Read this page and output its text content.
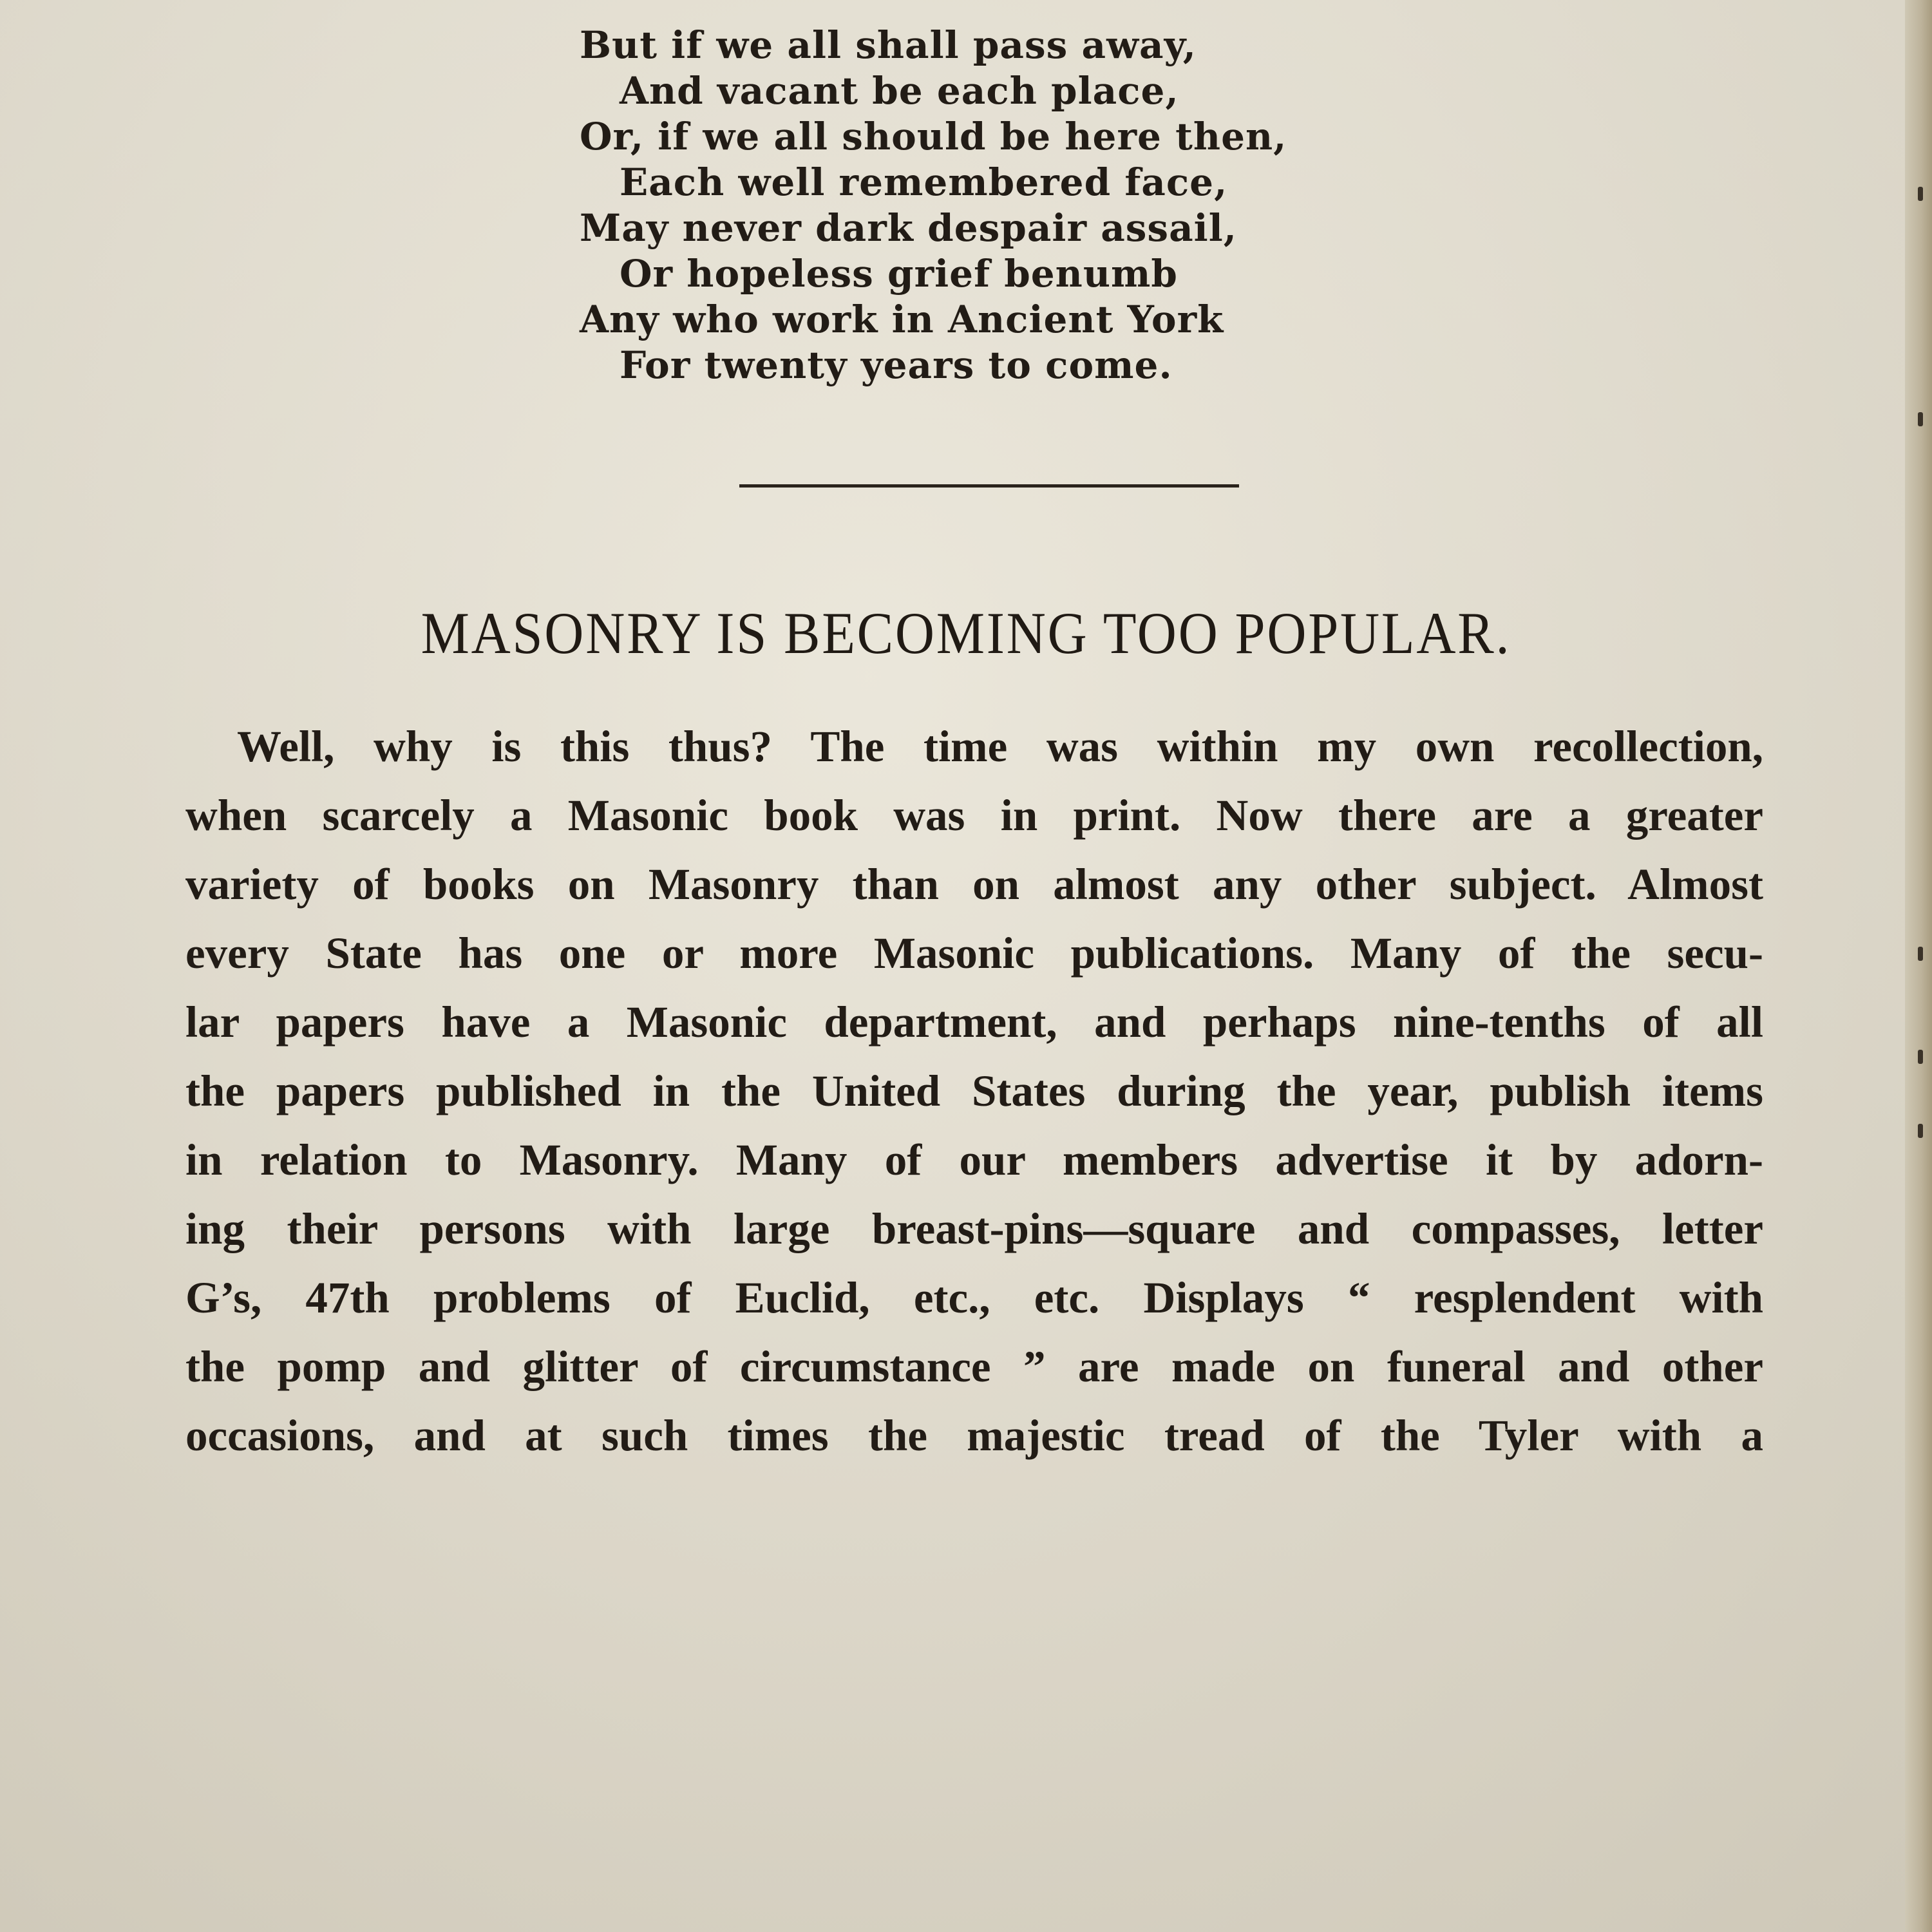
But if we all shall pass away,
And vacant be each place,
Or, if we all should be here then,
Each well remembered face,
May never dark despair assail,
Or hopeless grief benumb
Any who work in Ancient York
For twenty years to come.
MASONRY IS BECOMING TOO POPULAR.
Well, why is this thus? The time was within my own recollection,
when scarcely a Masonic book was in print. Now there are a greater
variety of books on Masonry than on almost any other subject. Almost
every State has one or more Masonic publications. Many of the secu-
lar papers have a Masonic department, and perhaps nine-tenths of all
the papers published in the United States during the year, publish items
in relation to Masonry. Many of our members advertise it by adorn-
ing their persons with large breast-pins—square and compasses, letter
G’s, 47th problems of Euclid, etc., etc. Displays “ resplendent with
the pomp and glitter of circumstance ” are made on funeral and other
occasions, and at such times the majestic tread of the Tyler with a
